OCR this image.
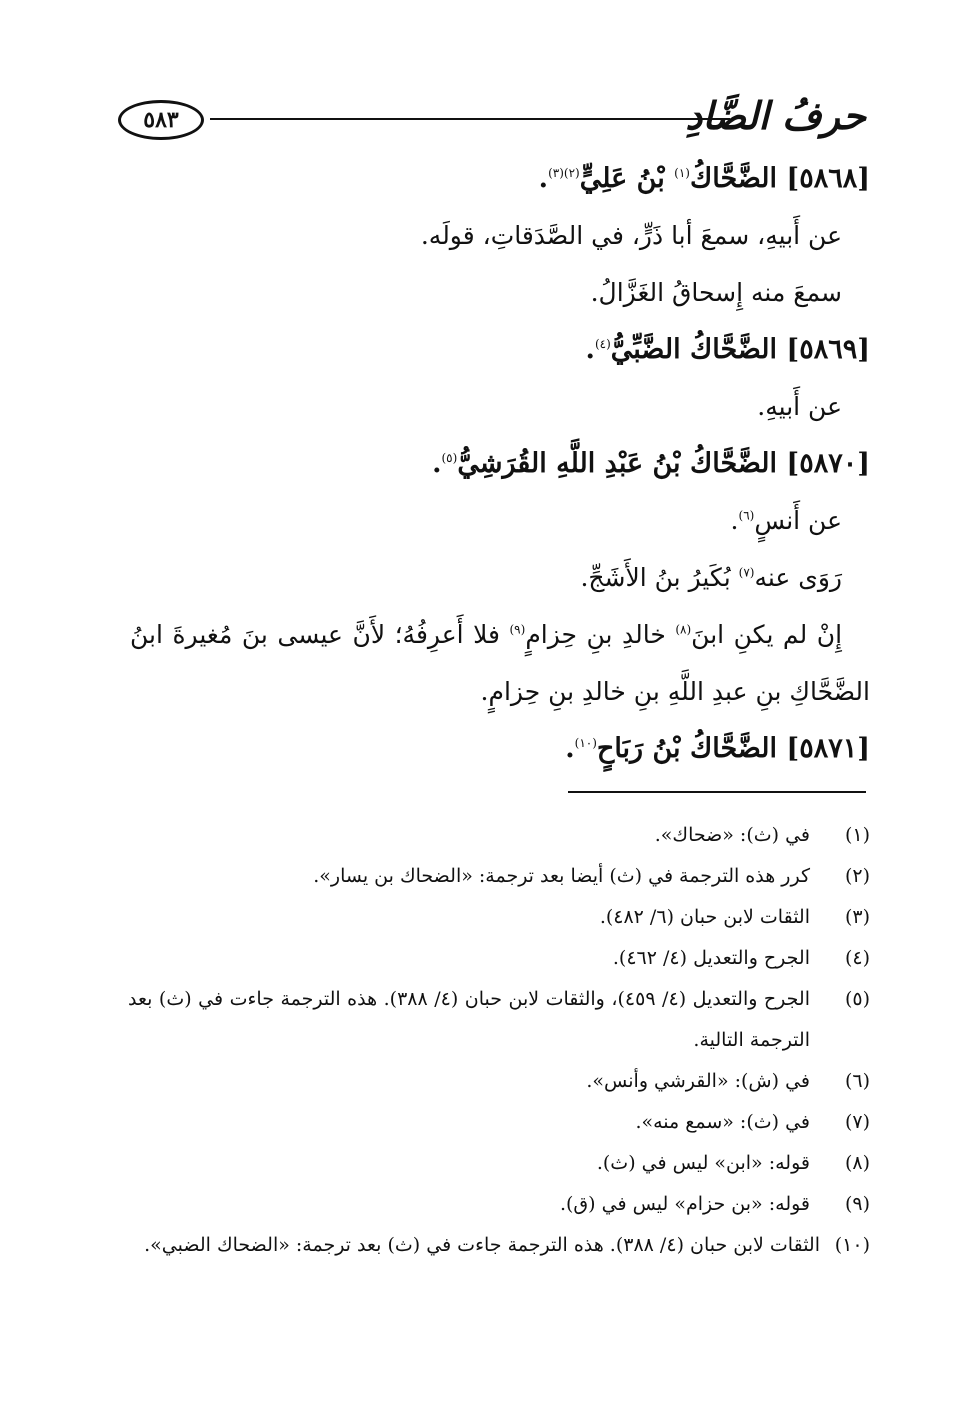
حرفُ الضَّادِ
٥٨٣
[٥٨٦٨] الضَّحَّاكُ$^{(١)}$ بْنُ عَلِيٍّ$^{(٢)(٣)}$.
عن أَبيهِ، سمعَ أبا ذَرٍّ، في الصَّدَقاتِ، قولَه.
سمعَ منه إِسحاقُ الغَزَّالُ.
[٥٨٦٩] الضَّحَّاكُ الضَّبِّيُّ$^{(٤)}$.
عن أَبيهِ.
[٥٨٧٠] الضَّحَّاكُ بْنُ عَبْدِ اللَّهِ القُرَشِيُّ$^{(٥)}$.
عن أَنسٍ$^{(٦)}$.
رَوَى عنه$^{(٧)}$ بُكَيرُ بنُ الأَشَجِّ.
إِنْ لم يكنِ ابنَ$^{(٨)}$ خالدِ بنِ حِزامٍ$^{(٩)}$ فلا أَعرِفُهُ؛ لأَنَّ عيسى بنَ مُغيرةَ ابنُ
الضَّحَّاكِ بنِ عبدِ اللَّهِ بنِ خالدِ بنِ حِزامٍ.
[٥٨٧١] الضَّحَّاكُ بْنُ رَبَاحٍ$^{(١٠)}$.
(١)
في (ث): «ضحاك».
(٢)
كرر هذه الترجمة في (ث) أيضا بعد ترجمة: «الضحاك بن يسار».
(٣)
الثقات لابن حبان (٦/ ٤٨٢).
(٤)
الجرح والتعديل (٤/ ٤٦٢).
(٥)
الجرح والتعديل (٤/ ٤٥٩)، والثقات لابن حبان (٤/ ٣٨٨). هذه الترجمة جاءت في (ث) بعد الترجمة التالية.
(٦)
في (ش): «القرشي وأنس».
(٧)
في (ث): «سمع منه».
(٨)
قوله: «ابن» ليس في (ث).
(٩)
قوله: «بن حزام» ليس في (ق).
(١٠)
الثقات لابن حبان (٤/ ٣٨٨). هذه الترجمة جاءت في (ث) بعد ترجمة: «الضحاك الضبي».
